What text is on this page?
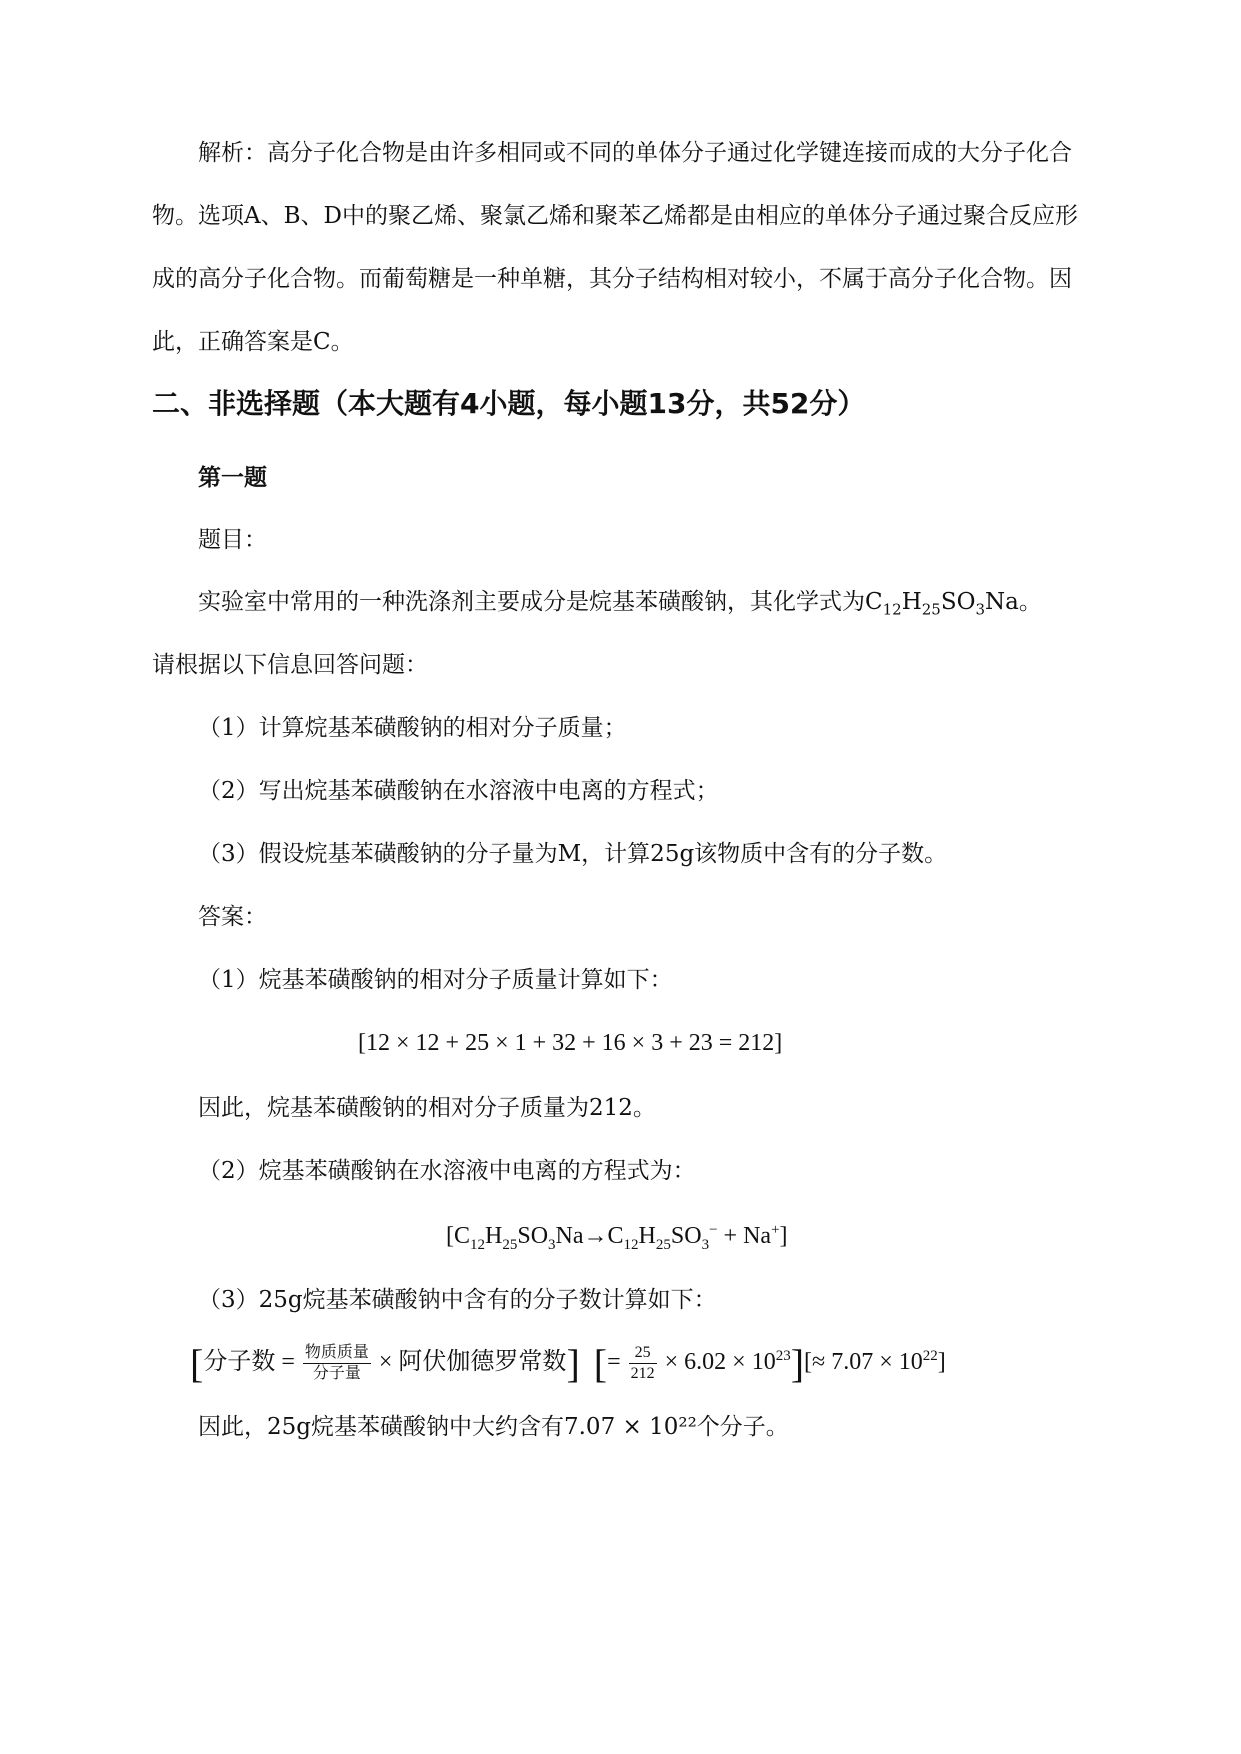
解析：高分子化合物是由许多相同或不同的单体分子通过化学键连接而成的大分子化合物。选项A、B、D中的聚乙烯、聚氯乙烯和聚苯乙烯都是由相应的单体分子通过聚合反应形成的高分子化合物。而葡萄糖是一种单糖，其分子结构相对较小，不属于高分子化合物。因此，正确答案是C。
二、非选择题（本大题有4小题，每小题13分，共52分）
第一题
题目：
实验室中常用的一种洗涤剂主要成分是烷基苯磺酸钠，其化学式为$C_{12}H_{25}SO_3Na$。
请根据以下信息回答问题：
（1）计算烷基苯磺酸钠的相对分子质量；
（2）写出烷基苯磺酸钠在水溶液中电离的方程式；
（3）假设烷基苯磺酸钠的分子量为M，计算25g该物质中含有的分子数。
答案：
（1）烷基苯磺酸钠的相对分子质量计算如下：
[12 × 12 + 25 × 1 + 32 + 16 × 3 + 23 = 212]
因此，烷基苯磺酸钠的相对分子质量为212。
（2）烷基苯磺酸钠在水溶液中电离的方程式为：
$[C_{12}H_{25}SO_3Na\to C_{12}H_{25}SO_3^- + Na^+]$
（3）25g烷基苯磺酸钠中含有的分子数计算如下：
[分子数 = $\frac{\text{物质质量}}{\text{分子量}}$ × 阿伏伽德罗常数] [= $\frac{25}{212} \times 6.02 \times 10^{23}][\approx 7.07 \times 10^{22}]$
因此，25g烷基苯磺酸钠中大约含有7.07 × 10²²个分子。
